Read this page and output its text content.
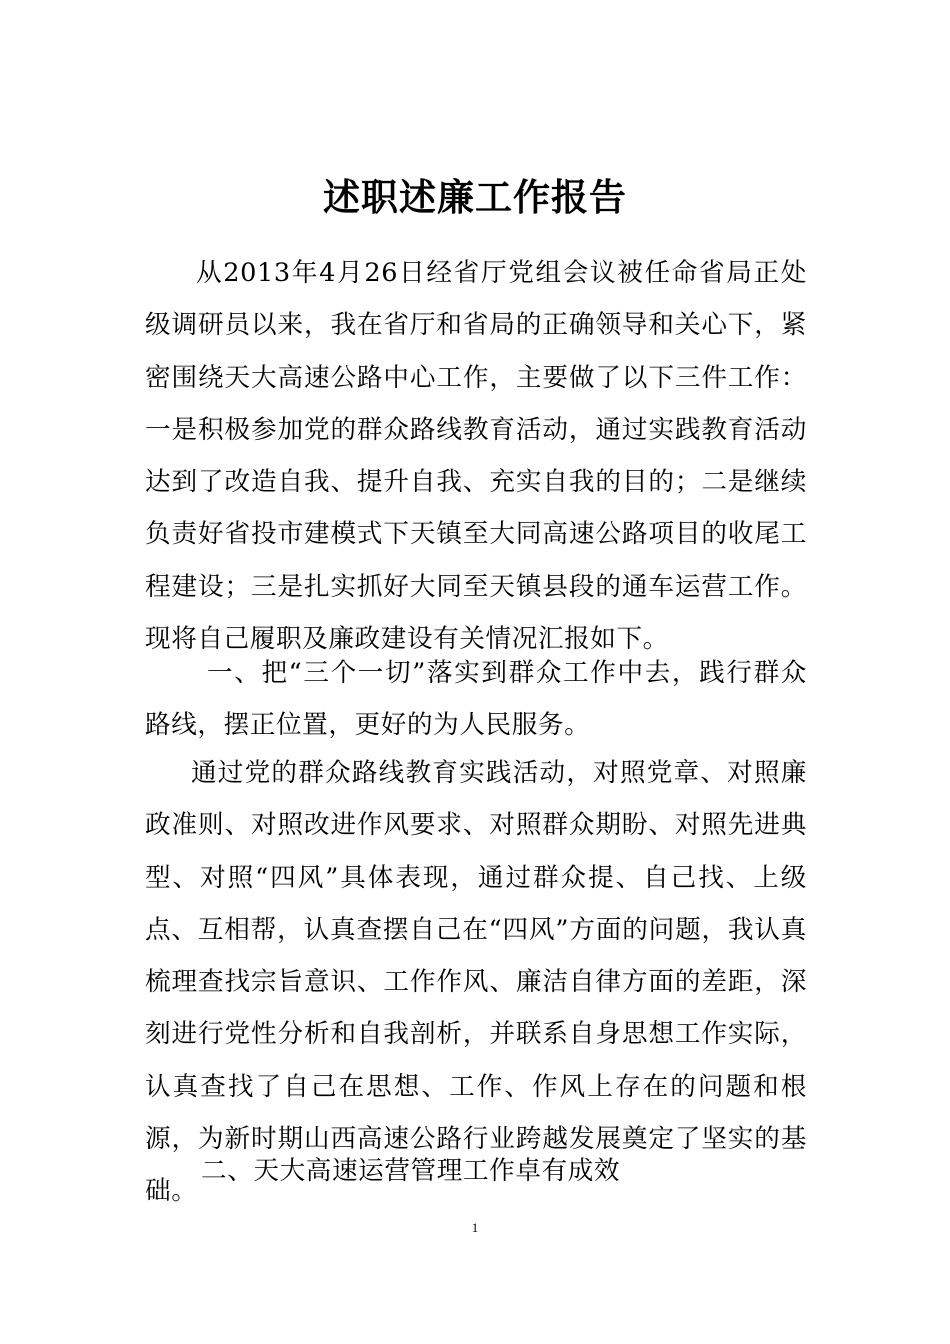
述职述廉工作报告

从2013年4月26日经省厅党组会议被任命省局正处级调研员以来，我在省厅和省局的正确领导和关心下，紧密围绕天大高速公路中心工作，主要做了以下三件工作：一是积极参加党的群众路线教育活动，通过实践教育活动达到了改造自我、提升自我、充实自我的目的；二是继续负责好省投市建模式下天镇至大同高速公路项目的收尾工程建设；三是扎实抓好大同至天镇县段的通车运营工作。现将自己履职及廉政建设有关情况汇报如下。

一、把“三个一切”落实到群众工作中去，践行群众路线，摆正位置，更好的为人民服务。

通过党的群众路线教育实践活动，对照党章、对照廉政准则、对照改进作风要求、对照群众期盼、对照先进典型、对照“四风”具体表现，通过群众提、自己找、上级点、互相帮，认真查摆自己在“四风”方面的问题，我认真梳理查找宗旨意识、工作作风、廉洁自律方面的差距，深刻进行党性分析和自我剖析，并联系自身思想工作实际，认真查找了自己在思想、工作、作风上存在的问题和根源，为新时期山西高速公路行业跨越发展奠定了坚实的基础。

二、天大高速运营管理工作卓有成效

1
